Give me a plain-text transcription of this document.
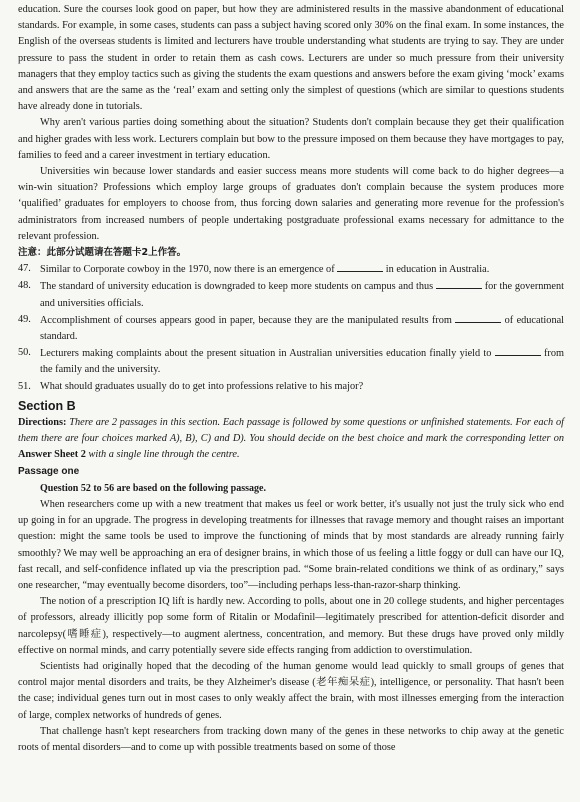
education. Sure the courses look good on paper, but how they are administered results in the massive abandonment of educational standards. For example, in some cases, students can pass a subject having scored only 30% on the final exam. In some instances, the English of the overseas students is limited and lecturers have trouble understanding what students are trying to say. They are under pressure to pass the student in order to retain them as cash cows. Lecturers are under so much pressure from their university managers that they employ tactics such as giving the students the exam questions and answers before the exam giving ‘mock’ exams and answers that are the same as the ‘real’ exam and setting only the simplest of questions (which are similar to questions students have already done in tutorials.

Why aren't various parties doing something about the situation? Students don't complain because they get their qualification and higher grades with less work. Lecturers complain but bow to the pressure imposed on them because they have mortgages to pay, families to feed and a career investment in tertiary education.

Universities win because lower standards and easier success means more students will come back to do higher degrees—a win-win situation? Professions which employ large groups of graduates don't complain because the system produces more ‘qualified’ graduates for employers to choose from, thus forcing down salaries and generating more revenue for the profession's administrators from increased numbers of people undertaking postgraduate professional exams necessary for admittance to the relevant profession.

注意：此部分试题请在答题卡2上作答。
47. Similar to Corporate cowboy in the 1970, now there is an emergence of	in education in Australia.
48. The standard of university education is downgraded to keep more students on campus and thus	for the government and universities officials.
49. Accomplishment of courses appears good in paper, because they are the manipulated results from	of educational standard.
50. Lecturers making complaints about the present situation in Australian universities education finally yield to	from the family and the university.
51. What should graduates usually do to get into professions relative to his major?
Section B

Directions: There are 2 passages in this section. Each passage is followed by some questions or unfinished statements. For each of them there are four choices marked A), B), C) and D). You should decide on the best choice and mark the corresponding letter on Answer Sheet 2 with a single line through the centre.

Passage one
Question 52 to 56 are based on the following passage.

When researchers come up with a new treatment that makes us feel or work better, it's usually not just the truly sick who end up going in for an upgrade. The progress in developing treatments for illnesses that ravage memory and thought raises an important question: might the same tools be used to improve the functioning of minds that by most standards are already running fairly smoothly? We may well be approaching an era of designer brains, in which those of us feeling a little foggy or dull can have our IQ, fast recall, and self-confidence inflated up via the prescription pad. “Some brain-related conditions we think of as ordinary,” says one researcher, “may eventually become disorders, too”—including perhaps less-than-razor-sharp thinking.

The notion of a prescription IQ lift is hardly new. According to polls, about one in 20 college students, and higher percentages of professors, already illicitly pop some form of Ritalin or Modafinil—legitimately prescribed for attention-deficit disorder and narcolepsy(嗜睡症), respectively—to augment alertness, concentration, and memory. But these drugs have proved only mildly effective on normal minds, and carry potentially severe side effects ranging from addiction to overstimulation.

Scientists had originally hoped that the decoding of the human genome would lead quickly to small groups of genes that control major mental disorders and traits, be they Alzheimer's disease (老年痴呆症), intelligence, or personality. That hasn't been the case; individual genes turn out in most cases to only weakly affect the brain, with most illnesses emerging from the interaction of large, complex networks of hundreds of genes.

That challenge hasn't kept researchers from tracking down many of the genes in these networks to chip away at the genetic roots of mental disorders—and to come up with possible treatments based on some of those
